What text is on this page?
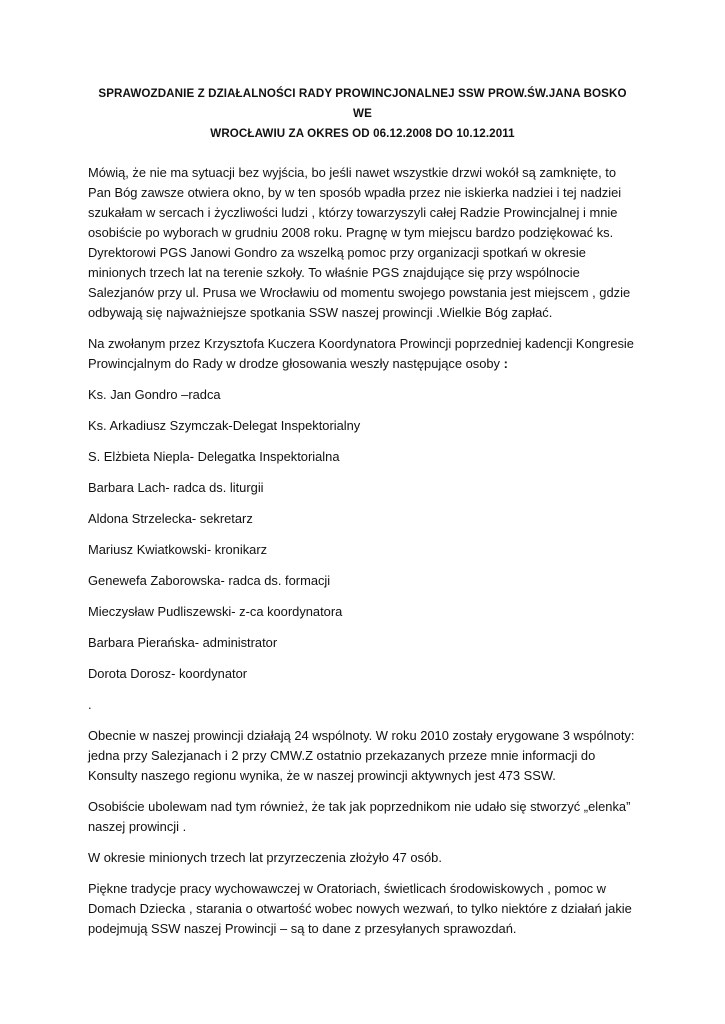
SPRAWOZDANIE Z DZIAŁALNOŚCI RADY PROWINCJONALNEJ SSW PROW.ŚW.JANA BOSKO WE
WROCŁAWIU ZA OKRES OD 06.12.2008 DO 10.12.2011

Mówią, że nie ma sytuacji bez wyjścia, bo jeśli nawet wszystkie drzwi wokół są zamknięte, to Pan Bóg zawsze otwiera okno, by w ten sposób wpadła przez nie iskierka nadziei i tej nadziei szukałam w sercach i życzliwości ludzi , którzy towarzyszyli całej Radzie Prowincjalnej i mnie osobiście po wyborach w grudniu 2008 roku. Pragnę w tym miejscu bardzo podziękować ks. Dyrektorowi PGS Janowi Gondro za wszelką pomoc przy organizacji spotkań w okresie minionych trzech lat na terenie szkoły. To właśnie PGS znajdujące się przy wspólnocie Salezjanów przy ul. Prusa we Wrocławiu od momentu swojego powstania jest miejscem , gdzie odbywają się najważniejsze spotkania SSW naszej prowincji .Wielkie Bóg zapłać.

Na zwołanym przez Krzysztofa Kuczera Koordynatora Prowincji poprzedniej kadencji Kongresie Prowincjalnym do Rady w drodze głosowania weszły następujące osoby :

Ks. Jan Gondro –radca

Ks. Arkadiusz Szymczak-Delegat Inspektorialny

S. Elżbieta Niepla- Delegatka Inspektorialna

Barbara Lach- radca ds. liturgii

Aldona Strzelecka- sekretarz

Mariusz Kwiatkowski- kronikarz

Genewefa Zaborowska- radca ds. formacji

Mieczysław Pudliszewski- z-ca koordynatora

Barbara Pierańska- administrator

Dorota Dorosz- koordynator

.

Obecnie w naszej prowincji działają 24 wspólnoty. W roku 2010 zostały erygowane 3 wspólnoty: jedna przy Salezjanach i 2 przy CMW.Z ostatnio przekazanych przeze mnie informacji do Konsulty naszego regionu wynika, że w naszej prowincji aktywnych jest 473 SSW.

Osobiście ubolewam nad tym również, że tak jak poprzednikom nie udało się stworzyć „elenka” naszej prowincji .

W okresie minionych trzech lat przyrzeczenia złożyło 47 osób.

Piękne tradycje pracy wychowawczej w Oratoriach, świetlicach środowiskowych , pomoc w Domach Dziecka , starania o otwartość wobec nowych wezwań, to tylko niektóre z działań jakie podejmują SSW naszej Prowincji – są to dane z przesyłanych sprawozdań.
